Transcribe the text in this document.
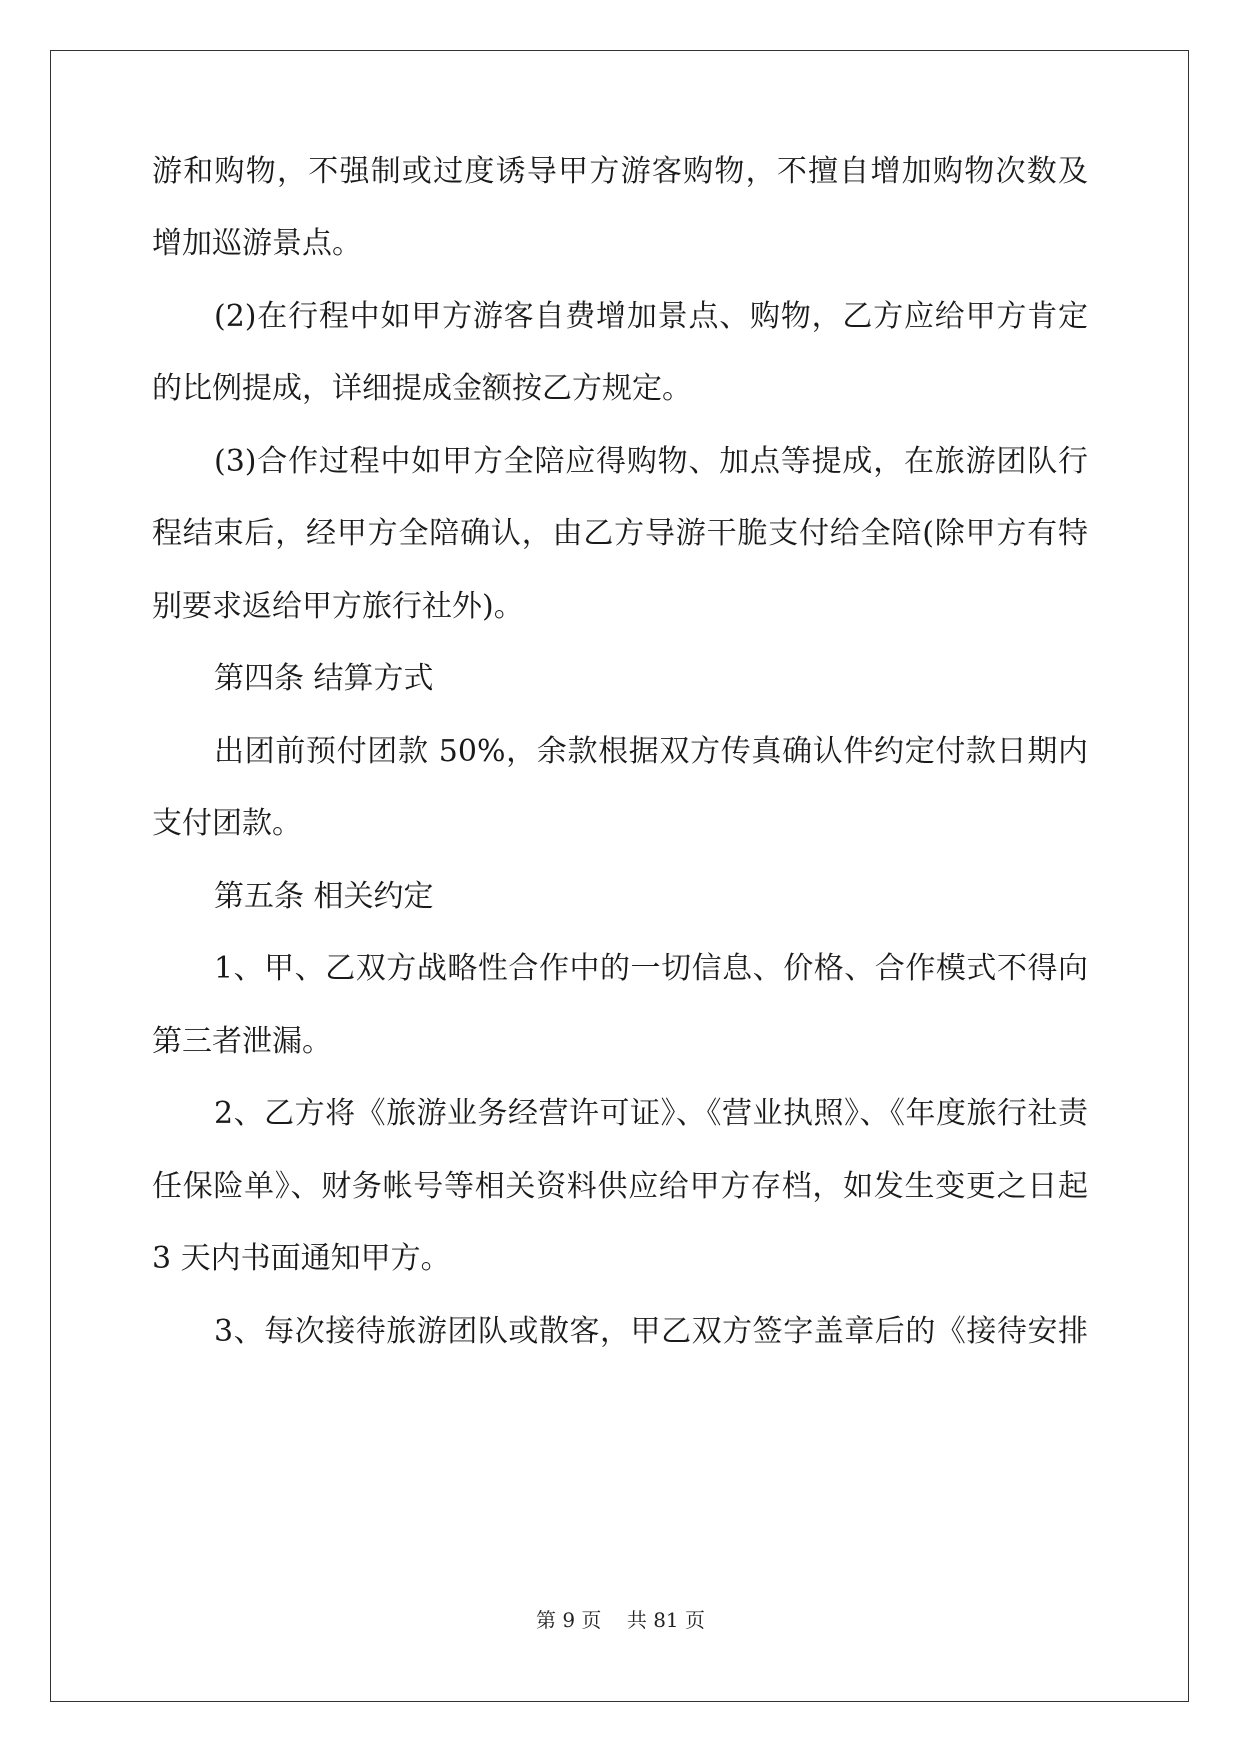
游和购物，不强制或过度诱导甲方游客购物，不擅自增加购物次数及
增加巡游景点。
(2)在行程中如甲方游客自费增加景点、购物，乙方应给甲方肯定
的比例提成，详细提成金额按乙方规定。
(3)合作过程中如甲方全陪应得购物、加点等提成，在旅游团队行
程结束后，经甲方全陪确认，由乙方导游干脆支付给全陪(除甲方有特
别要求返给甲方旅行社外)。
第四条 结算方式
出团前预付团款 50%，余款根据双方传真确认件约定付款日期内
支付团款。
第五条 相关约定
1、甲、乙双方战略性合作中的一切信息、价格、合作模式不得向
第三者泄漏。
2、乙方将《旅游业务经营许可证》、《营业执照》、《年度旅行社责
任保险单》、财务帐号等相关资料供应给甲方存档，如发生变更之日起
3 天内书面通知甲方。
3、每次接待旅游团队或散客，甲乙双方签字盖章后的《接待安排
第 9 页    共 81 页
